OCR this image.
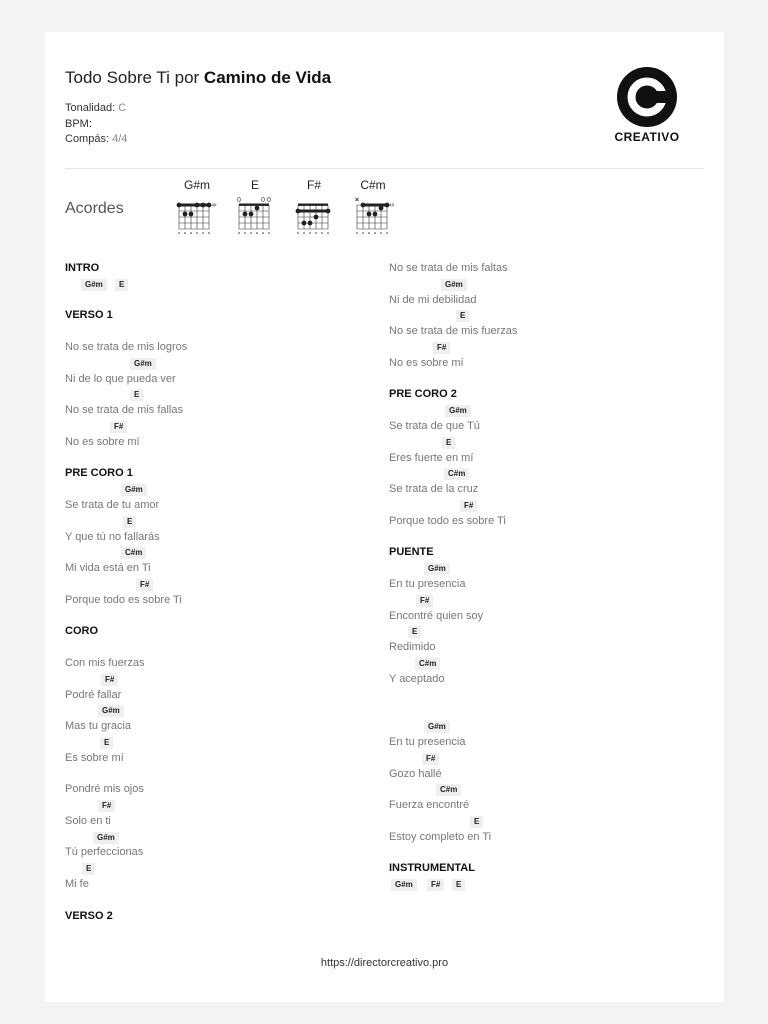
Todo Sobre Ti por Camino de Vida
Tonalidad: C
BPM:
Compás: 4/4	CREATIVO
Acordes
G#m
4fr
E	F#	C#m
4fr
INTRO
G#m	E
VERSO 1
No se trata de mis logros
G#m
Ni de lo que pueda ver
E
No se trata de mis fallas
F#
No es sobre mí
PRE CORO 1
G#m
Se trata de tu amor
E
Y que tú no fallarás
C#m
Mi vida está en Ti
F#
Porque todo es sobre Ti
CORO
Con mis fuerzas
F#
Podré fallar
G#m
Mas tu gracia
E
Es sobre mí
Pondré mis ojos
F#
Solo en ti
G#m
Tú perfeccionas
E
Mi fe
VERSO 2
No se trata de mis faltas
G#m
Ni de mi debilidad
E
No se trata de mis fuerzas
F#
No es sobre mí
PRE CORO 2
G#m
Se trata de que Tú
E
Eres fuerte en mí
C#m
Se trata de la cruz
F#
Porque todo es sobre Ti
PUENTE
G#m
En tu presencia
F#
Encontré quien soy
E
Redimido
C#m
Y aceptado
G#m
En tu presencia
F#
Gozo hallé
C#m
Fuerza encontré
E
Estoy completo en Ti
INSTRUMENTAL
G#m	F#	E
https://directorcreativo.pro
